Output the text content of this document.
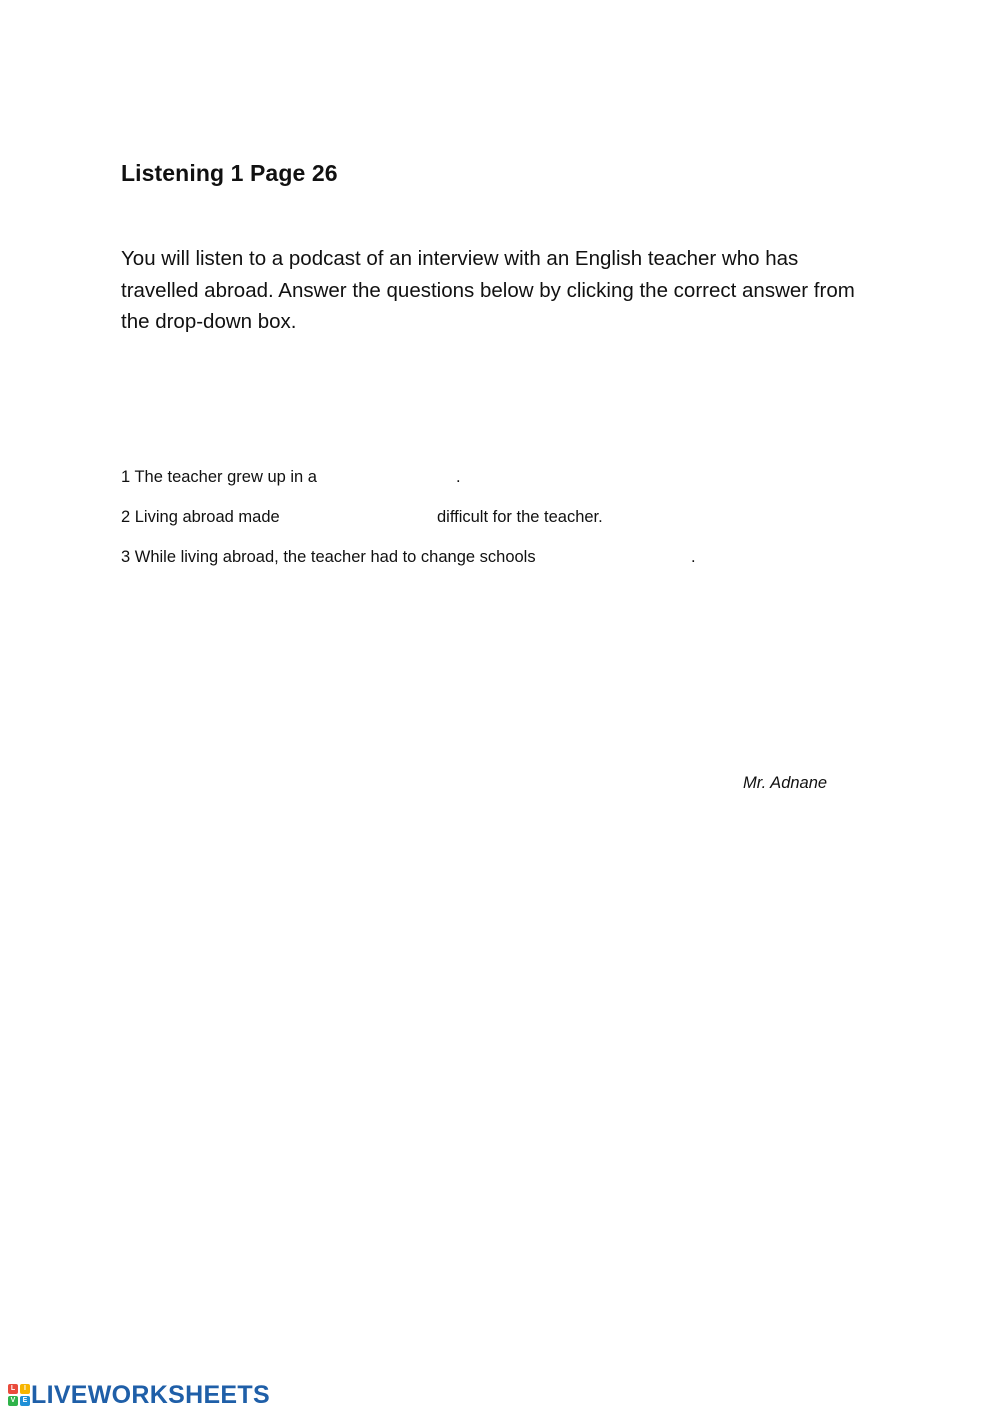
Listening 1 Page 26

You will listen to a podcast of an interview with an English teacher who has travelled abroad. Answer the questions below by clicking the correct answer from the drop-down box.

1 The teacher grew up in a	.
2 Living abroad made	difficult for the teacher.
3 While living abroad, the teacher had to change schools	.
Mr. Adnane
L	I
V	E LIVEWORKSHEETS
